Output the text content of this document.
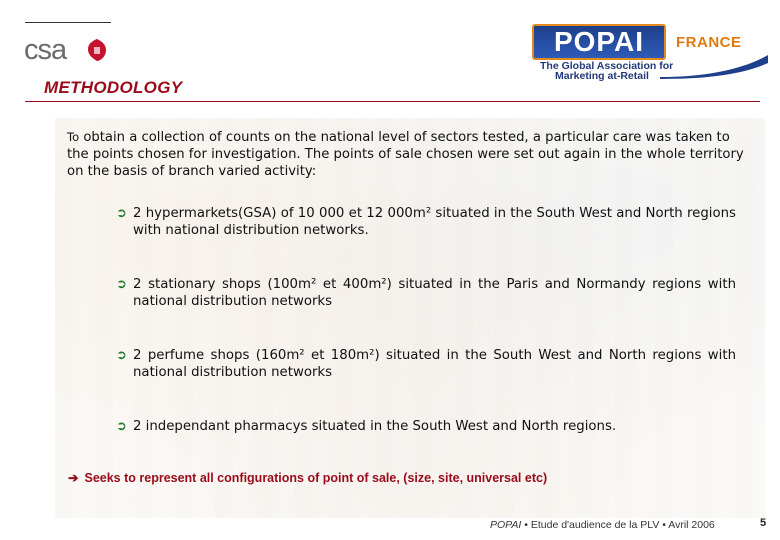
csa
METHODOLOGY
POPAI	FRANCE
The Global Association for
Marketing at-Retail
To obtain a collection of counts on the national level of sectors tested, a particular care was taken to the points chosen for investigation. The points of sale chosen were set out again in the whole territory on the basis of branch varied activity:
➲ 2 hypermarkets(GSA) of 10 000 et 12 000m² situated in the South West and North regions with national distribution networks.
➲ 2 stationary shops (100m² et 400m²) situated in the Paris and Normandy regions with national distribution networks
➲ 2 perfume shops (160m² et 180m²) situated in the South West and North regions with national distribution networks
➲ 2 independant pharmacys situated in the South West and North regions.
➔ Seeks to represent all configurations of point of sale, (size, site, universal etc)
POPAI • Etude d'audience de la PLV • Avril 2006	5
